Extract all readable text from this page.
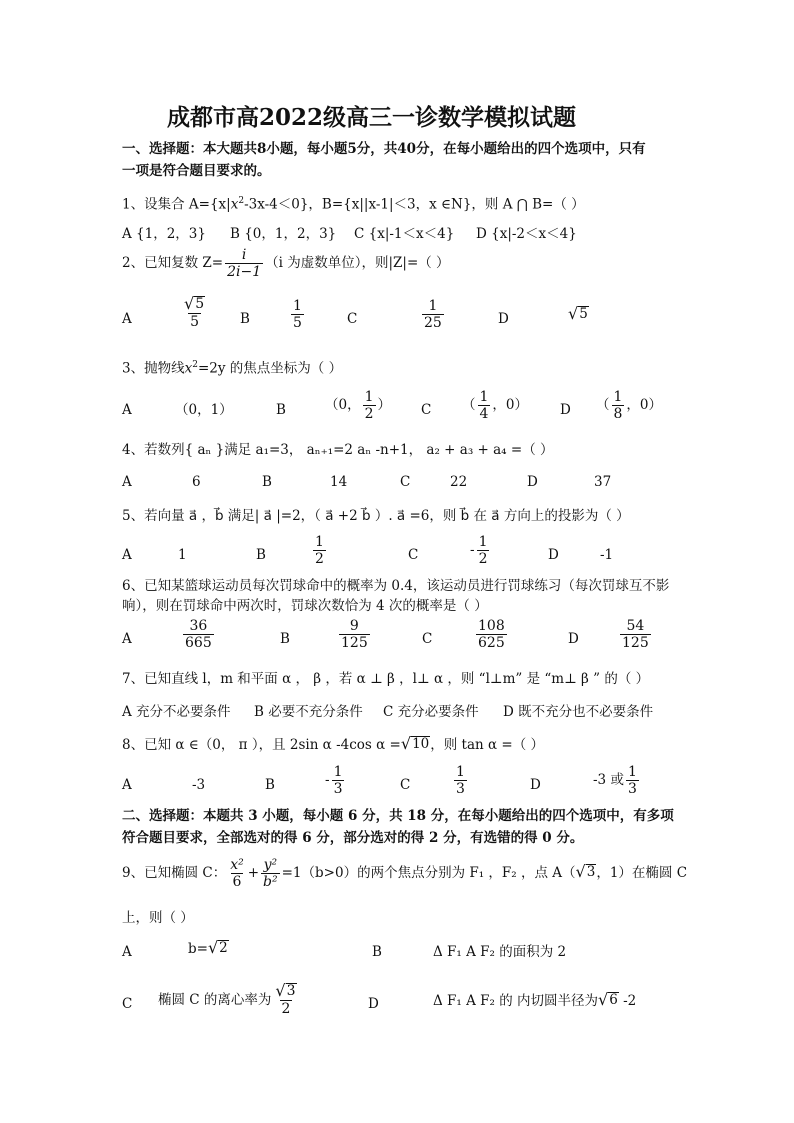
成都市高2022级高三一诊数学模拟试题
一、选择题：本大题共8小题，每小题5分，共40分，在每小题给出的四个选项中，只有
一项是符合题目要求的。
1、设集合 $A=\{x|x^2-3x-4<0\}$，B={x||x-1|＜3，x ∈N}，则 A ⋂ B=（ ）
A {1，2，3} B {0，1，2，3} C {x|-1＜x＜4} D {x|-2＜x＜4}
2、已知复数 $Z= \frac{i}{2i-1} (i$ 为虚数单位），则|Z|=（ ）
A	$\frac{√ 5}{5}$ B	$\frac{1}{5}$	C	$\frac{1}{25}$	D	√ 5
3、抛物线$x^2=2y$ 的焦点坐标为（ ）
A	（0，1）	B	（0， $\frac{1}{2}$ ） C （ $\frac{1}{4}$ ，0） D （ $\frac{1}{8}$ ，0）
4、若数列{ aₙ }满足 a₁=3， aₙ₊₁=2 aₙ -n+1， a₂ + a₃ + a₄ =（ ）
A	6	B	14	C	22	D	37
5、若向量 a⃗ ，b⃗ 满足| a⃗ |=2，（ a⃗ +2 b⃗ ）. a⃗ =6，则 b⃗ 在 a⃗ 方向上的投影为（ ）
A	1	B	$\frac{1}{2}$	C	- $\frac{1}{2}$	D	-1
6、已知某篮球运动员每次罚球命中的概率为 0.4，该运动员进行罚球练习（每次罚球互不影
响），则在罚球命中两次时，罚球次数恰为 4 次的概率是（ ）
A	$\frac{36}{665}$	B	$\frac{9}{125}$	C	$\frac{108}{625}$	D	$\frac{54}{125}$
7、已知直线 l，m 和平面 α ， β ，若 α ⊥ β ，l⊥ α ，则 “l⊥m” 是 “m⊥ β ” 的（ ）
A 充分不必要条件 B 必要不充分条件 C 充分必要条件 D 既不充分也不必要条件
8、已知 α ∈（0， π ），且 2sin α -4cos α = √ 10 ，则 tan α =（ ）
A	-3	B	- $\frac{1}{3}$	C	$\frac{1}{3}$	D	-3 或 $\frac{1}{3}$
二、选择题：本题共 3 小题，每小题 6 分，共 18 分，在每小题给出的四个选项中，有多项
符合题目要求，全部选对的得 6 分，部分选对的得 2 分，有选错的得 0 分。
9、已知椭圆 C： $\frac{\text{x²}}{6} + \frac{\text{y²}}{\text{b²}} =1(b>0)$的两个焦点分别为 F₁ ，F₂ ，点 A（ √ 3 ，1）在椭圆 C
上，则（ ）
A	b= √ 2	B	Δ F₁ A F₂ 的面积为 2
C 椭圆 C 的离心率为 $\frac{√ 3}{2}$	D	Δ F₁ A F₂ 的 内切圆半径为 √ 6 -2
